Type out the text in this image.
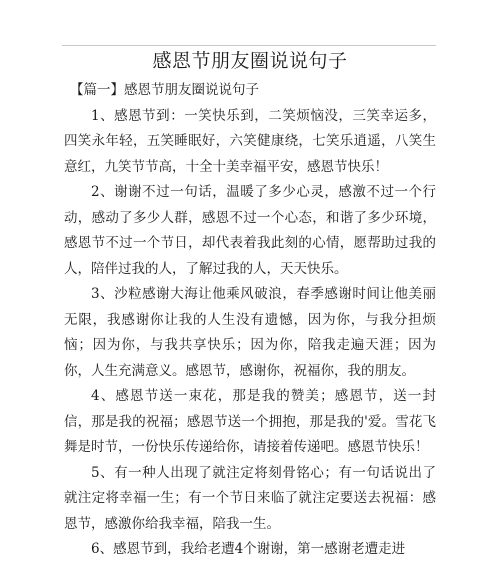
感恩节朋友圈说说句子

【篇一】感恩节朋友圈说说句子

1、感恩节到：一笑快乐到，二笑烦恼没，三笑幸运多，四笑永年轻，五笑睡眠好，六笑健康绕，七笑乐逍遥，八笑生意红，九笑节节高，十全十美幸福平安，感恩节快乐！

2、谢谢不过一句话，温暖了多少心灵，感激不过一个行动，感动了多少人群，感恩不过一个心态，和谐了多少环境，感恩节不过一个节日，却代表着我此刻的心情，愿帮助过我的人，陪伴过我的人，了解过我的人，天天快乐。

3、沙粒感谢大海让他乘风破浪，春季感谢时间让他美丽无限，我感谢你让我的人生没有遗憾，因为你，与我分担烦恼；因为你，与我共享快乐；因为你，陪我走遍天涯；因为你，人生充满意义。感恩节，感谢你，祝福你，我的朋友。

4、感恩节送一束花，那是我的赞美；感恩节，送一封信，那是我的祝福；感恩节送一个拥抱，那是我的'爱。雪花飞舞是时节，一份快乐传递给你，请接着传递吧。感恩节快乐！

5、有一种人出现了就注定将刻骨铭心；有一句话说出了就注定将幸福一生；有一个节日来临了就注定要送去祝福：感恩节，感激你给我幸福，陪我一生。

6、感恩节到，我给老遭4个谢谢，第一感谢老遭走进
